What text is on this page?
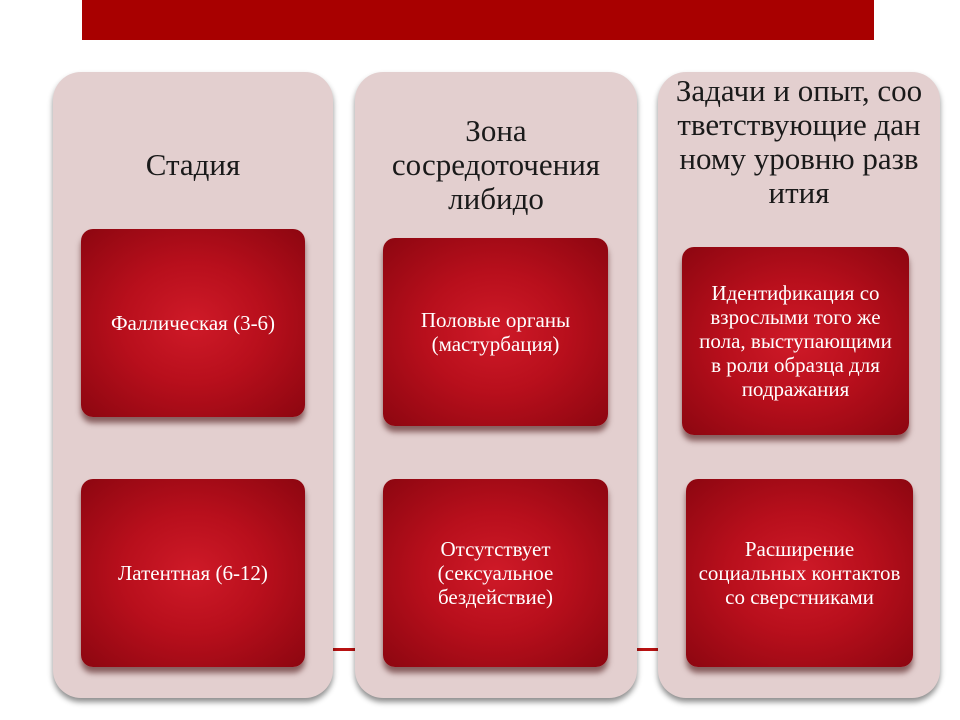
Стадия
Фаллическая (3-6)
Латентная (6-12)
Зона сосредоточения либидо
Половые органы (мастурбация)
Отсутствует (сексуальное бездействие)
Задачи и опыт, соответствующие данному уровню развития
Идентификация со взрослыми того же пола, выступающими в роли образца для подражания
Расширение социальных контактов со сверстниками
